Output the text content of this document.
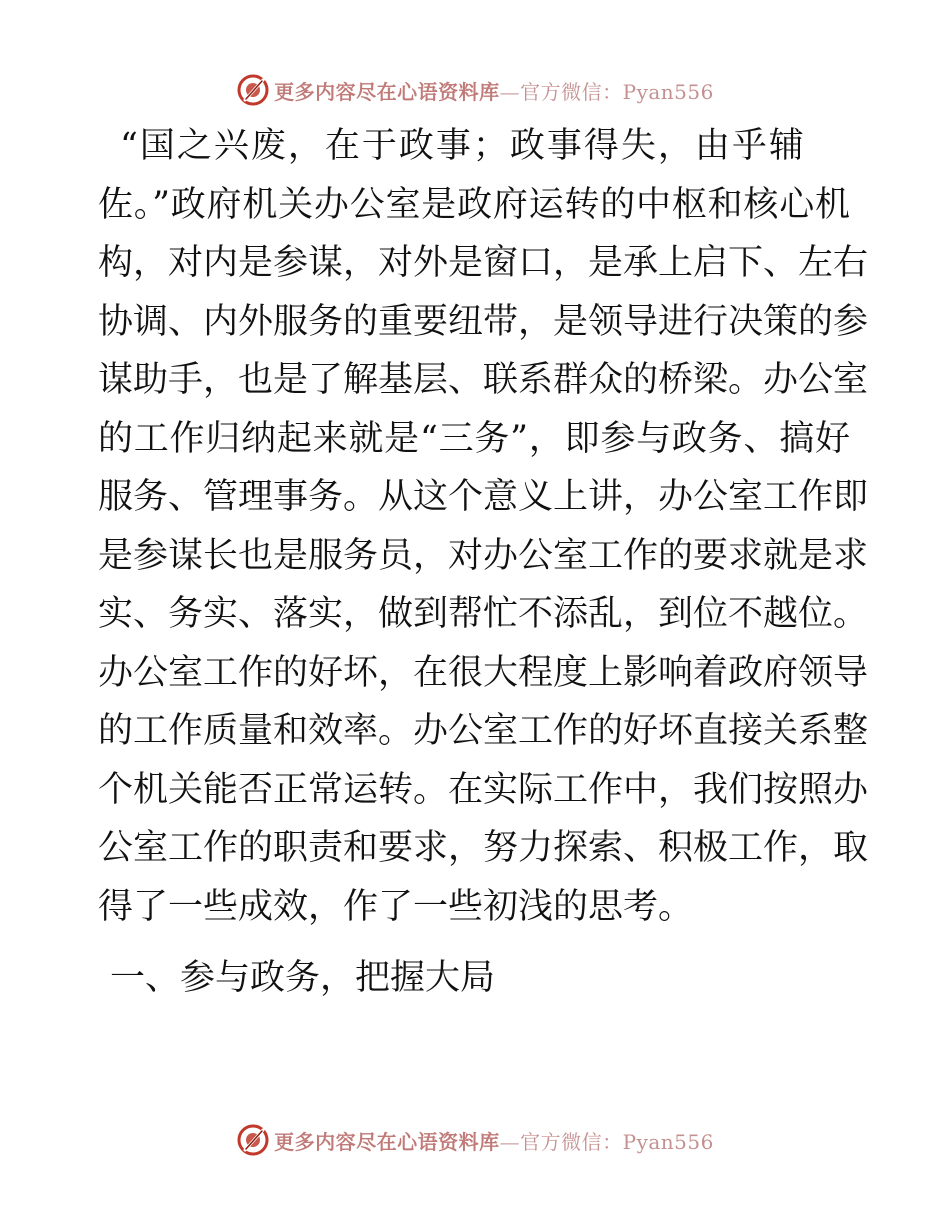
更多内容尽在心语资料库—官方微信：Pyan556
“国之兴废，在于政事；政事得失，由乎辅
佐。”政府机关办公室是政府运转的中枢和核心机
构，对内是参谋，对外是窗口，是承上启下、左右
协调、内外服务的重要纽带，是领导进行决策的参
谋助手，也是了解基层、联系群众的桥梁。办公室
的工作归纳起来就是“三务”，即参与政务、搞好
服务、管理事务。从这个意义上讲，办公室工作即
是参谋长也是服务员，对办公室工作的要求就是求
实、务实、落实，做到帮忙不添乱，到位不越位。
办公室工作的好坏，在很大程度上影响着政府领导
的工作质量和效率。办公室工作的好坏直接关系整
个机关能否正常运转。在实际工作中，我们按照办
公室工作的职责和要求，努力探索、积极工作，取
得了一些成效，作了一些初浅的思考。
一、参与政务，把握大局
更多内容尽在心语资料库—官方微信：Pyan556
